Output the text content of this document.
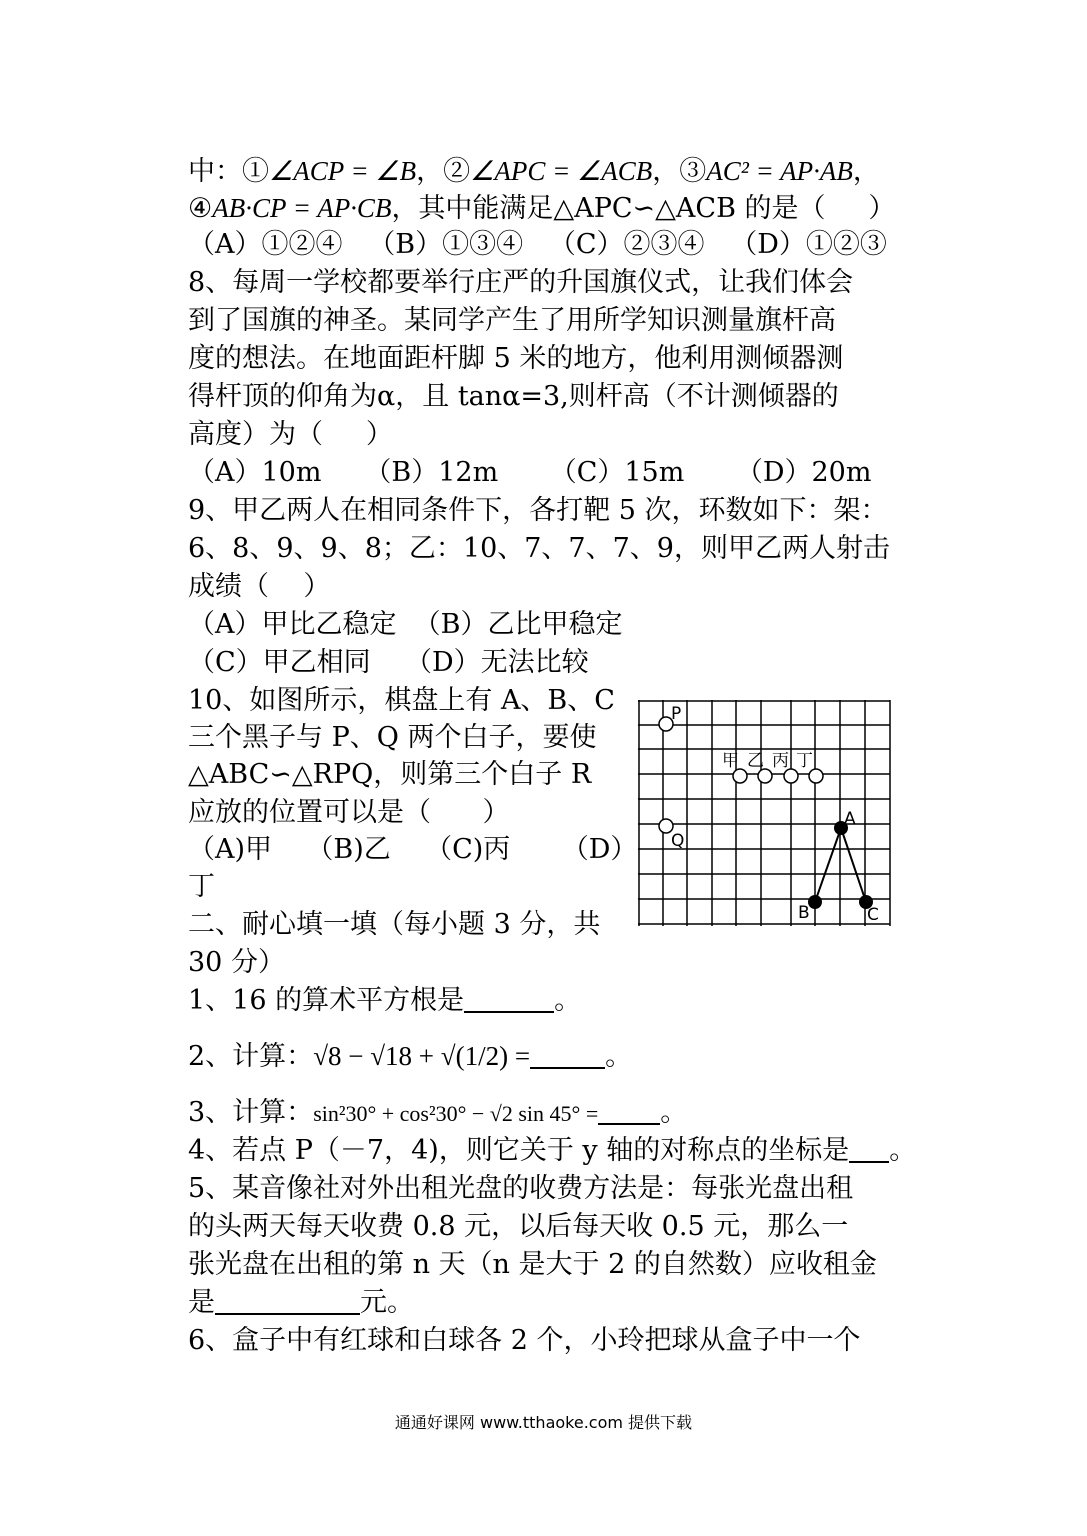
中：①∠ACP = ∠B，②∠APC = ∠ACB，③AC² = AP·AB，
④AB·CP = AP·CB，其中能满足△APC∽△ACB 的是（     ）
（A）①②④ （B）①③④ （C）②③④ （D）①②③
8、每周一学校都要举行庄严的升国旗仪式，让我们体会
到了国旗的神圣。某同学产生了用所学知识测量旗杆高
度的想法。在地面距杆脚 5 米的地方，他利用测倾器测
得杆顶的仰角为α，且 tanα=3,则杆高（不计测倾器的
高度）为（     ）
（A）10m （B）12m （C）15m （D）20m
9、甲乙两人在相同条件下，各打靶 5 次，环数如下：架：
6、8、9、9、8；乙：10、7、7、7、9，则甲乙两人射击
成绩（    ）
（A）甲比乙稳定 （B）乙比甲稳定
（C）甲乙相同 （D）无法比较
10、如图所示，棋盘上有 A、B、C
三个黑子与 P、Q 两个白子，要使
△ABC∽△RPQ，则第三个白子 R
应放的位置可以是（      ）
（A)甲    （B)乙    （C)丙      （D）
丁
P
Q
A
B	C
甲 乙 丙 丁
二、耐心填一填（每小题 3 分，共
30 分）
1、16 的算术平方根是	。
2、计算：√8 − √18 + √(1/2) =	。
3、计算：sin²30° + cos²30° − √2 sin 45° = 。
4、若点 P（－7，4)，则它关于 y 轴的对称点的坐标是 。
5、某音像社对外出租光盘的收费方法是：每张光盘出租
的头两天每天收费 0.8 元，以后每天收 0.5 元，那么一
张光盘在出租的第 n 天（n 是大于 2 的自然数）应收租金
是	元。
6、盒子中有红球和白球各 2 个，小玲把球从盒子中一个
通通好课网 www.tthaoke.com 提供下载
